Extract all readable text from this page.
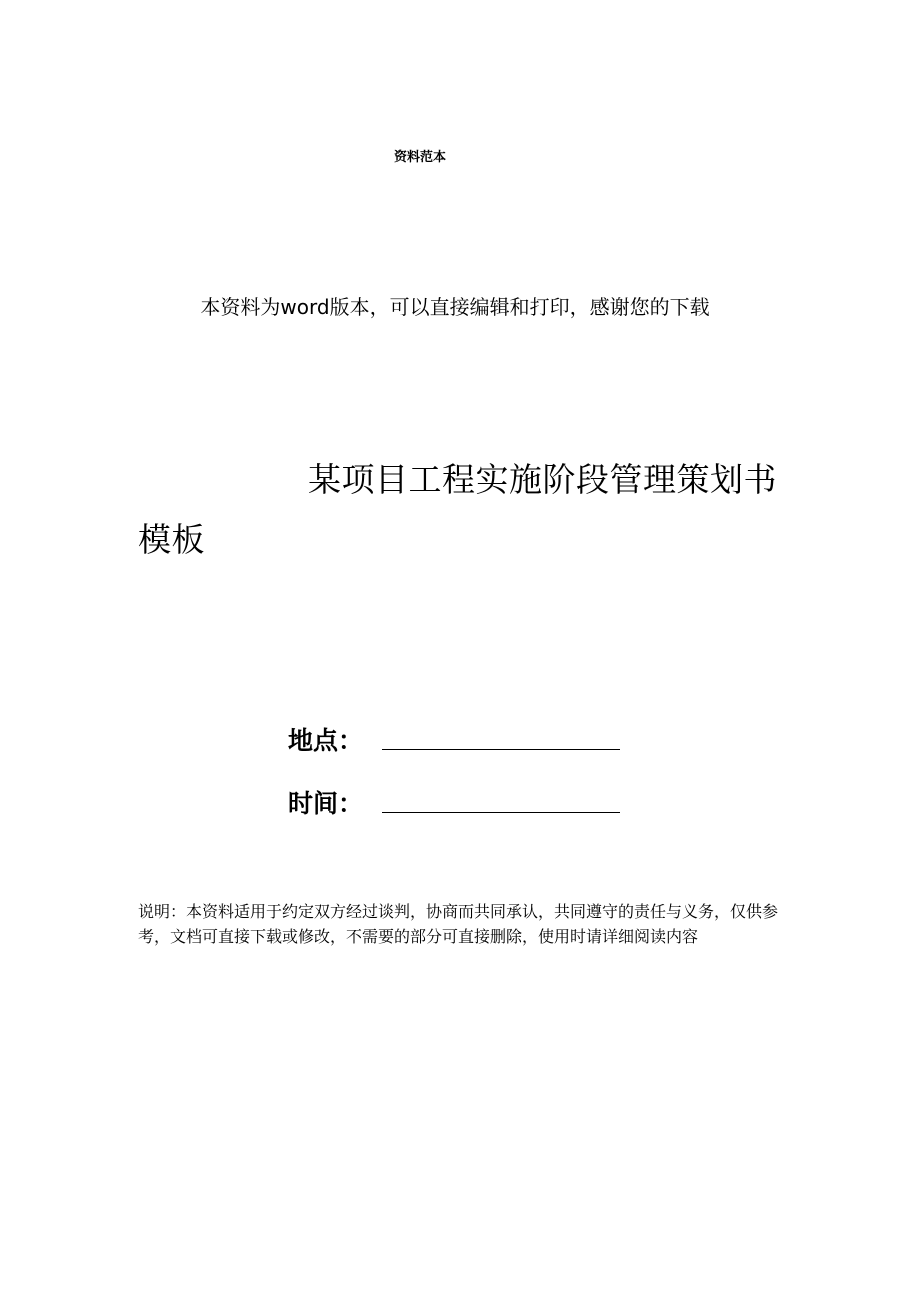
资料范本
本资料为word版本，可以直接编辑和打印，感谢您的下载
某项目工程实施阶段管理策划书模板
地点：
时间：
说明：本资料适用于约定双方经过谈判，协商而共同承认，共同遵守的责任与义务，仅供参考，文档可直接下载或修改，不需要的部分可直接删除，使用时请详细阅读内容
